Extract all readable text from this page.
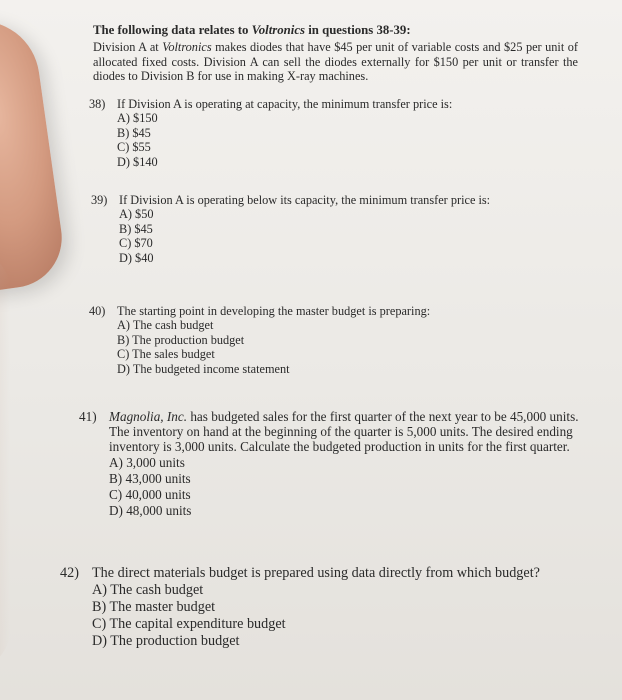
The following data relates to Voltronics in questions 38-39:
Division A at Voltronics makes diodes that have $45 per unit of variable costs and $25 per unit of allocated fixed costs. Division A can sell the diodes externally for $150 per unit or transfer the diodes to Division B for use in making X-ray machines.
38) If Division A is operating at capacity, the minimum transfer price is:
A) $150
B) $45
C) $55
D) $140
39) If Division A is operating below its capacity, the minimum transfer price is:
A) $50
B) $45
C) $70
D) $40
40) The starting point in developing the master budget is preparing:
A) The cash budget
B) The production budget
C) The sales budget
D) The budgeted income statement
41) Magnolia, Inc. has budgeted sales for the first quarter of the next year to be 45,000 units. The inventory on hand at the beginning of the quarter is 5,000 units. The desired ending inventory is 3,000 units. Calculate the budgeted production in units for the first quarter.
A) 3,000 units
B) 43,000 units
C) 40,000 units
D) 48,000 units
42) The direct materials budget is prepared using data directly from which budget?
A) The cash budget
B) The master budget
C) The capital expenditure budget
D) The production budget
